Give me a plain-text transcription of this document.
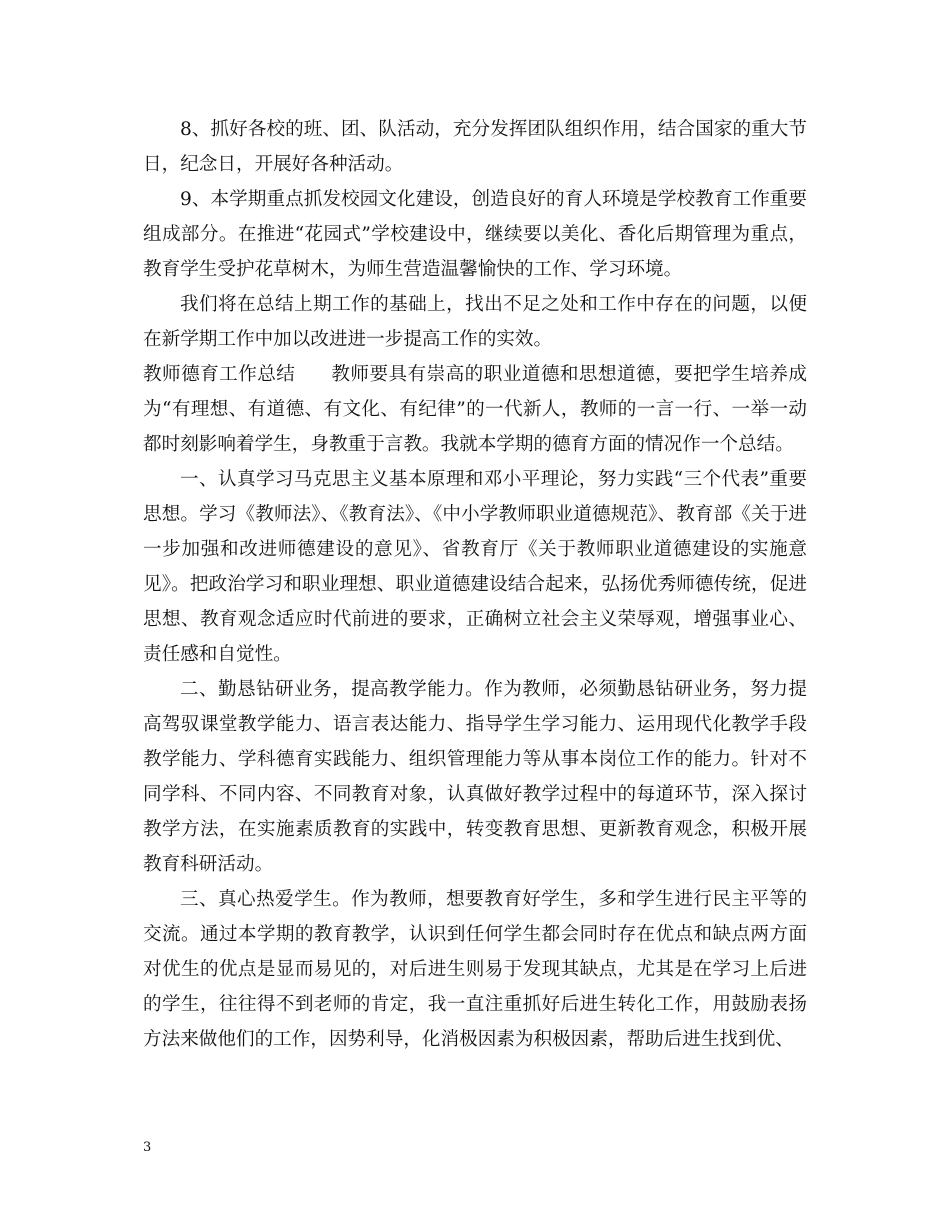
8、抓好各校的班、团、队活动，充分发挥团队组织作用，结合国家的重大节日，纪念日，开展好各种活动。

9、本学期重点抓发校园文化建设，创造良好的育人环境是学校教育工作重要组成部分。在推进“花园式”学校建设中，继续要以美化、香化后期管理为重点，教育学生受护花草树木，为师生营造温馨愉快的工作、学习环境。

我们将在总结上期工作的基础上，找出不足之处和工作中存在的问题，以便在新学期工作中加以改进进一步提高工作的实效。

教师德育工作总结 教师要具有崇高的职业道德和思想道德，要把学生培养成为“有理想、有道德、有文化、有纪律”的一代新人，教师的一言一行、一举一动都时刻影响着学生，身教重于言教。我就本学期的德育方面的情况作一个总结。

一、认真学习马克思主义基本原理和邓小平理论，努力实践“三个代表”重要思想。学习《教师法》、《教育法》、《中小学教师职业道德规范》、教育部《关于进一步加强和改进师德建设的意见》、省教育厅《关于教师职业道德建设的实施意见》。把政治学习和职业理想、职业道德建设结合起来，弘扬优秀师德传统，促进思想、教育观念适应时代前进的要求，正确树立社会主义荣辱观，增强事业心、责任感和自觉性。

二、勤恳钻研业务，提高教学能力。作为教师，必须勤恳钻研业务，努力提高驾驭课堂教学能力、语言表达能力、指导学生学习能力、运用现代化教学手段教学能力、学科德育实践能力、组织管理能力等从事本岗位工作的能力。针对不同学科、不同内容、不同教育对象，认真做好教学过程中的每道环节，深入探讨教学方法，在实施素质教育的实践中，转变教育思想、更新教育观念，积极开展教育科研活动。

三、真心热爱学生。作为教师，想要教育好学生，多和学生进行民主平等的交流。通过本学期的教育教学，认识到任何学生都会同时存在优点和缺点两方面对优生的优点是显而易见的，对后进生则易于发现其缺点，尤其是在学习上后进的学生，往往得不到老师的肯定，我一直注重抓好后进生转化工作，用鼓励表扬方法来做他们的工作，因势利导，化消极因素为积极因素，帮助后进生找到优、

3
